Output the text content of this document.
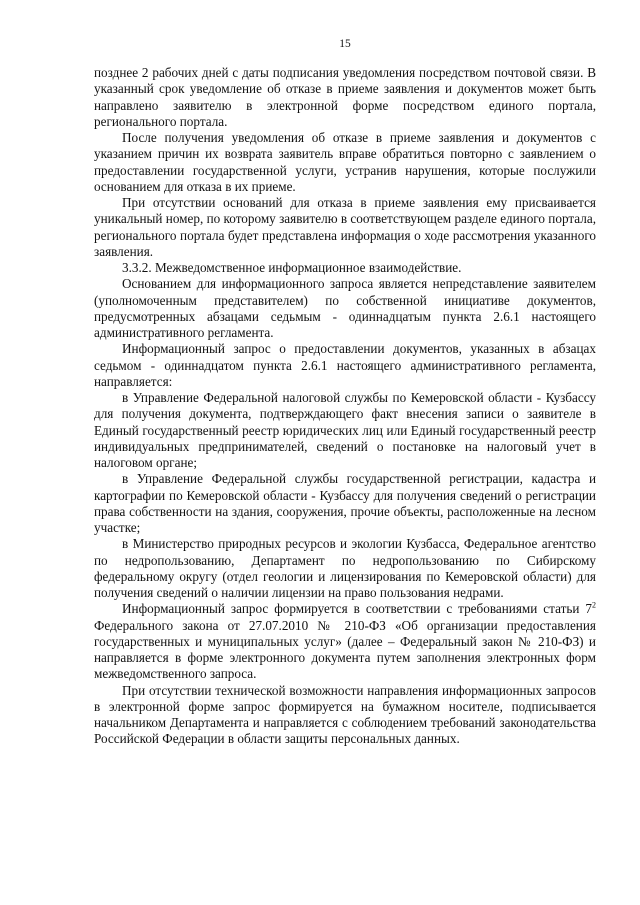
15

позднее 2 рабочих дней с даты подписания уведомления посредством почтовой связи. В указанный срок уведомление об отказе в приеме заявления и документов может быть направлено заявителю в электронной форме посредством единого портала, регионального портала.

После получения уведомления об отказе в приеме заявления и документов с указанием причин их возврата заявитель вправе обратиться повторно с заявлением о предоставлении государственной услуги, устранив нарушения, которые послужили основанием для отказа в их приеме.

При отсутствии оснований для отказа в приеме заявления ему присваивается уникальный номер, по которому заявителю в соответствующем разделе единого портала, регионального портала будет представлена информация о ходе рассмотрения указанного заявления.

3.3.2. Межведомственное информационное взаимодействие.

Основанием для информационного запроса является непредставление заявителем (уполномоченным представителем) по собственной инициативе документов, предусмотренных абзацами седьмым - одиннадцатым пункта 2.6.1 настоящего административного регламента.

Информационный запрос о предоставлении документов, указанных в абзацах седьмом - одиннадцатом пункта 2.6.1 настоящего административного регламента, направляется:

в Управление Федеральной налоговой службы по Кемеровской области - Кузбассу для получения документа, подтверждающего факт внесения записи о заявителе в Единый государственный реестр юридических лиц или Единый государственный реестр индивидуальных предпринимателей, сведений о постановке на налоговый учет в налоговом органе;

в Управление Федеральной службы государственной регистрации, кадастра и картографии по Кемеровской области - Кузбассу для получения сведений о регистрации права собственности на здания, сооружения, прочие объекты, расположенные на лесном участке;

в Министерство природных ресурсов и экологии Кузбасса, Федеральное агентство по недропользованию, Департамент по недропользованию по Сибирскому федеральному округу (отдел геологии и лицензирования по Кемеровской области) для получения сведений о наличии лицензии на право пользования недрами.

Информационный запрос формируется в соответствии с требованиями статьи $7^2$ Федерального закона от 27.07.2010 № 210-ФЗ «Об организации предоставления государственных и муниципальных услуг» (далее – Федеральный закон № 210-ФЗ) и направляется в форме электронного документа путем заполнения электронных форм межведомственного запроса.

При отсутствии технической возможности направления информационных запросов в электронной форме запрос формируется на бумажном носителе, подписывается начальником Департамента и направляется с соблюдением требований законодательства Российской Федерации в области защиты персональных данных.
